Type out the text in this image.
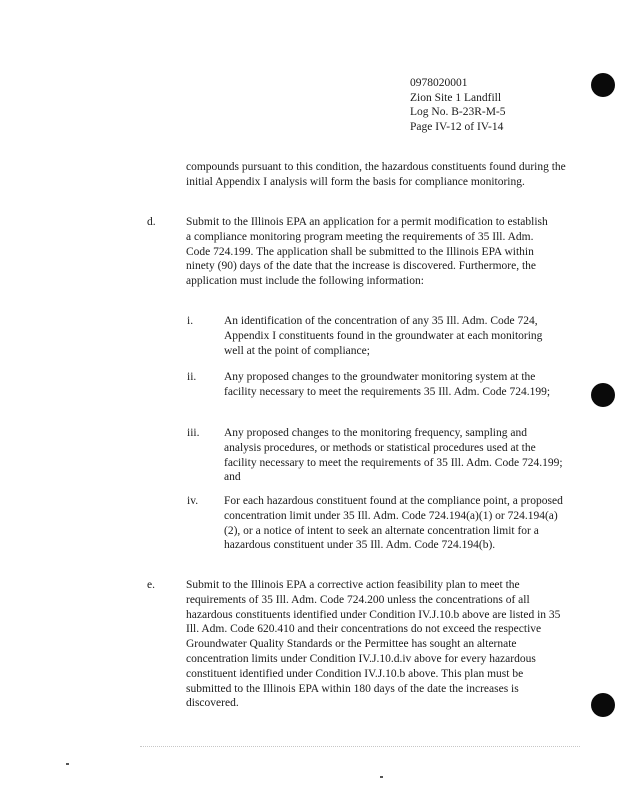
0978020001
Zion Site 1 Landfill
Log No. B-23R-M-5
Page IV-12 of IV-14
compounds pursuant to this condition, the hazardous constituents found during the initial Appendix I analysis will form the basis for compliance monitoring.
d.	Submit to the Illinois EPA an application for a permit modification to establish a compliance monitoring program meeting the requirements of 35 Ill. Adm. Code 724.199. The application shall be submitted to the Illinois EPA within ninety (90) days of the date that the increase is discovered. Furthermore, the application must include the following information:
i.	An identification of the concentration of any 35 Ill. Adm. Code 724, Appendix I constituents found in the groundwater at each monitoring well at the point of compliance;
ii. Any proposed changes to the groundwater monitoring system at the facility necessary to meet the requirements 35 Ill. Adm. Code 724.199;
iii. Any proposed changes to the monitoring frequency, sampling and analysis procedures, or methods or statistical procedures used at the facility necessary to meet the requirements of 35 Ill. Adm. Code 724.199; and
iv. For each hazardous constituent found at the compliance point, a proposed concentration limit under 35 Ill. Adm. Code 724.194(a)(1) or 724.194(a)(2), or a notice of intent to seek an alternate concentration limit for a hazardous constituent under 35 Ill. Adm. Code 724.194(b).
e.	Submit to the Illinois EPA a corrective action feasibility plan to meet the requirements of 35 Ill. Adm. Code 724.200 unless the concentrations of all hazardous constituents identified under Condition IV.J.10.b above are listed in 35 Ill. Adm. Code 620.410 and their concentrations do not exceed the respective Groundwater Quality Standards or the Permittee has sought an alternate concentration limits under Condition IV.J.10.d.iv above for every hazardous constituent identified under Condition IV.J.10.b above. This plan must be submitted to the Illinois EPA within 180 days of the date the increases is discovered.
